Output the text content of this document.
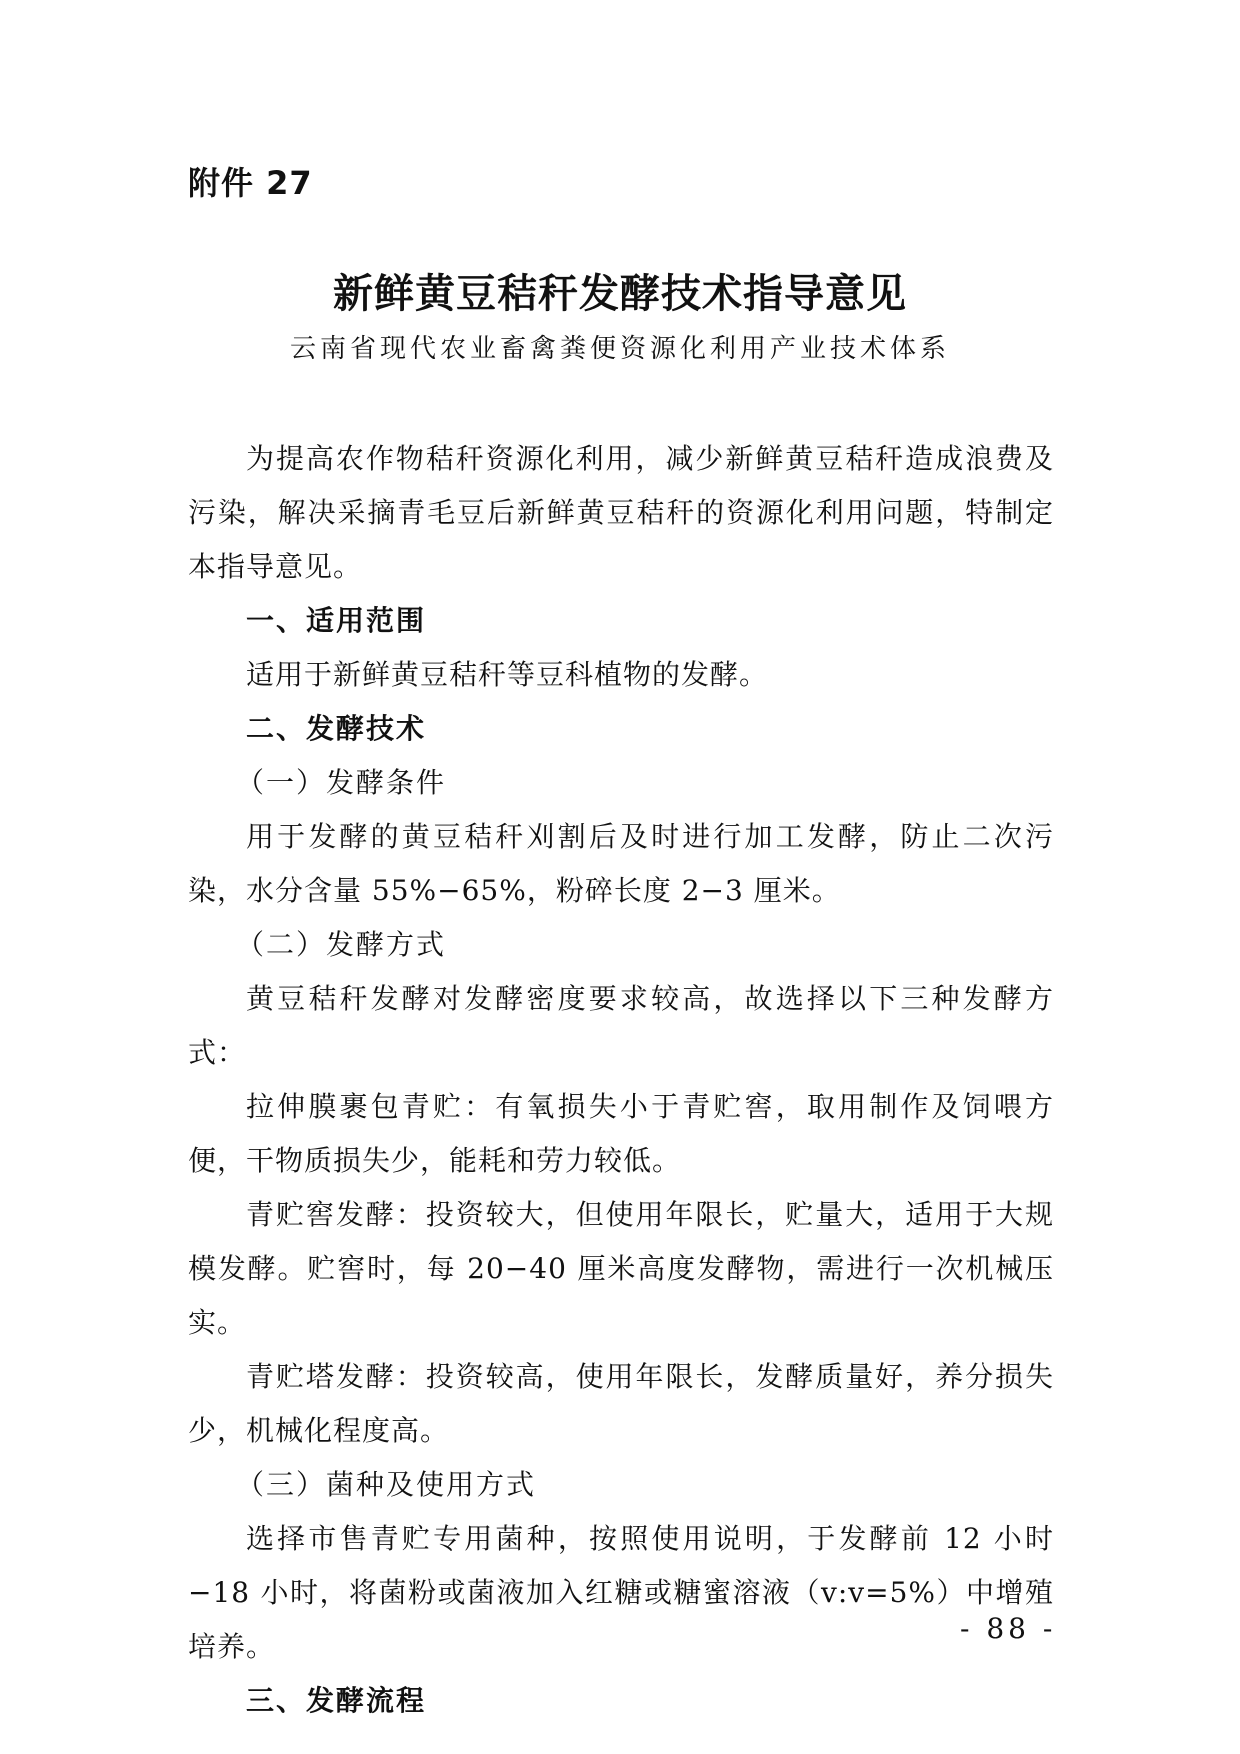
附件 27
新鲜黄豆秸秆发酵技术指导意见
云南省现代农业畜禽粪便资源化利用产业技术体系

为提高农作物秸秆资源化利用，减少新鲜黄豆秸秆造成浪费及污染，解决采摘青毛豆后新鲜黄豆秸秆的资源化利用问题，特制定本指导意见。

一、适用范围

适用于新鲜黄豆秸秆等豆科植物的发酵。

二、发酵技术

（一）发酵条件

用于发酵的黄豆秸秆刈割后及时进行加工发酵，防止二次污染，水分含量 55%−65%，粉碎长度 2−3 厘米。

（二）发酵方式

黄豆秸秆发酵对发酵密度要求较高，故选择以下三种发酵方式：

拉伸膜裹包青贮：有氧损失小于青贮窖，取用制作及饲喂方便，干物质损失少，能耗和劳力较低。

青贮窖发酵：投资较大，但使用年限长，贮量大，适用于大规模发酵。贮窖时，每 20−40 厘米高度发酵物，需进行一次机械压实。

青贮塔发酵：投资较高，使用年限长，发酵质量好，养分损失少，机械化程度高。

（三）菌种及使用方式

选择市售青贮专用菌种，按照使用说明，于发酵前 12 小时−18 小时，将菌粉或菌液加入红糖或糖蜜溶液（v:v=5%）中增殖培养。

三、发酵流程

- 88 -
